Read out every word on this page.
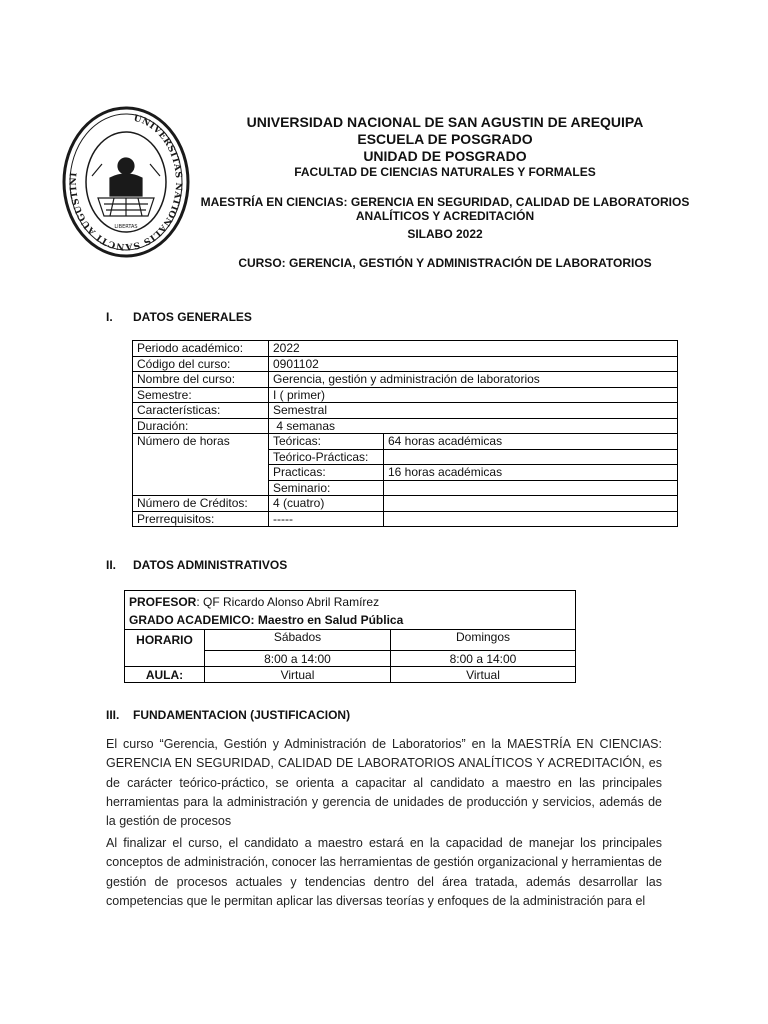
UNIVERSITAS NATIONALIS SANCTI AUGUSTINI
LIBERTAS
UNIVERSIDAD NACIONAL DE SAN AGUSTIN DE AREQUIPA
ESCUELA DE POSGRADO
UNIDAD DE POSGRADO
FACULTAD DE CIENCIAS NATURALES Y FORMALES
MAESTRÍA EN CIENCIAS: GERENCIA EN SEGURIDAD, CALIDAD DE LABORATORIOS
ANALÍTICOS Y ACREDITACIÓN
SILABO 2022
CURSO: GERENCIA, GESTIÓN Y ADMINISTRACIÓN DE LABORATORIOS
I. DATOS GENERALES
Periodo académico:	2022	
Código del curso:	0901102	
Nombre del curso:	Gerencia, gestión y administración de laboratorios	
Semestre:	I ( primer)	
Características:	Semestral	
Duración:	4 semanas	
Número de horas	Teóricas:	64 horas académicas
	Teórico-Prácticas:	
	Practicas:	16 horas académicas
	Seminario:	
Número de Créditos:	4 (cuatro)	
Prerrequisitos:	-----	
II. DATOS ADMINISTRATIVOS
PROFESOR: QF Ricardo Alonso Abril Ramírez		
GRADO ACADEMICO: Maestro en Salud Pública		
HORARIO	Sábados	Domingos
	8:00 a 14:00	8:00 a 14:00
AULA:	Virtual	Virtual
III. FUNDAMENTACION (JUSTIFICACION)

El curso “Gerencia, Gestión y Administración de Laboratorios” en la MAESTRÍA EN CIENCIAS: GERENCIA EN SEGURIDAD, CALIDAD DE LABORATORIOS ANALÍTICOS Y ACREDITACIÓN, es de carácter teórico-práctico, se orienta a capacitar al candidato a maestro en las principales herramientas para la administración y gerencia de unidades de producción y servicios, además de la gestión de procesos

Al finalizar el curso, el candidato a maestro estará en la capacidad de manejar los principales conceptos de administración, conocer las herramientas de gestión organizacional y herramientas de gestión de procesos actuales y tendencias dentro del área tratada, además desarrollar las competencias que le permitan aplicar las diversas teorías y enfoques de la administración para el
